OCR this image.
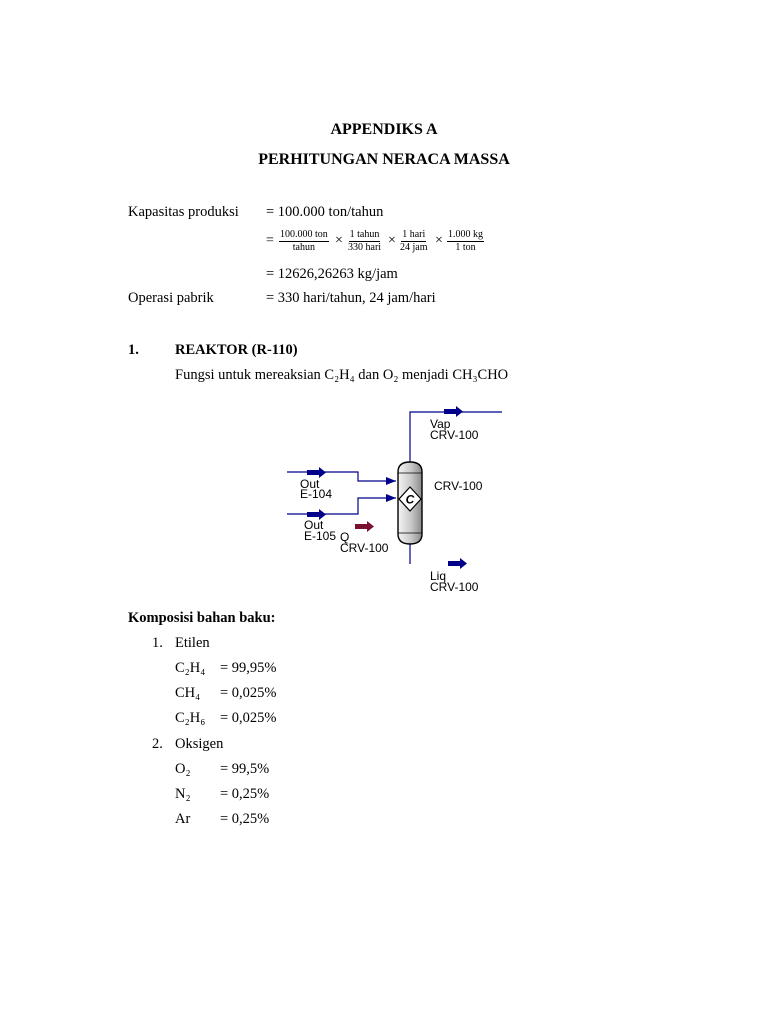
APPENDIKS A
PERHITUNGAN NERACA MASSA
Kapasitas produksi = 100.000 ton/tahun
= 100.000 ton
tahun × 1 tahun
330 hari × 1 hari
24 jam × 1.000 kg
1 ton
= 12626,26263 kg/jam
Operasi pabrik	= 330 hari/tahun, 24 jam/hari
1. REAKTOR (R-110)
Fungsi untuk mereaksian C₂H₄ dan O₂ menjadi CH₃CHO
C
Vap
CRV-100
CRV-100
Out
E-104
Out
E-105 Q
CRV-100
Liq
CRV-100
Komposisi bahan baku:
1. Etilen
C₂H₄ = 99,95%
CH₄ = 0,025%
C₂H₆ = 0,025%
2. Oksigen
O₂ = 99,5%
N₂ = 0,25%
Ar = 0,25%
